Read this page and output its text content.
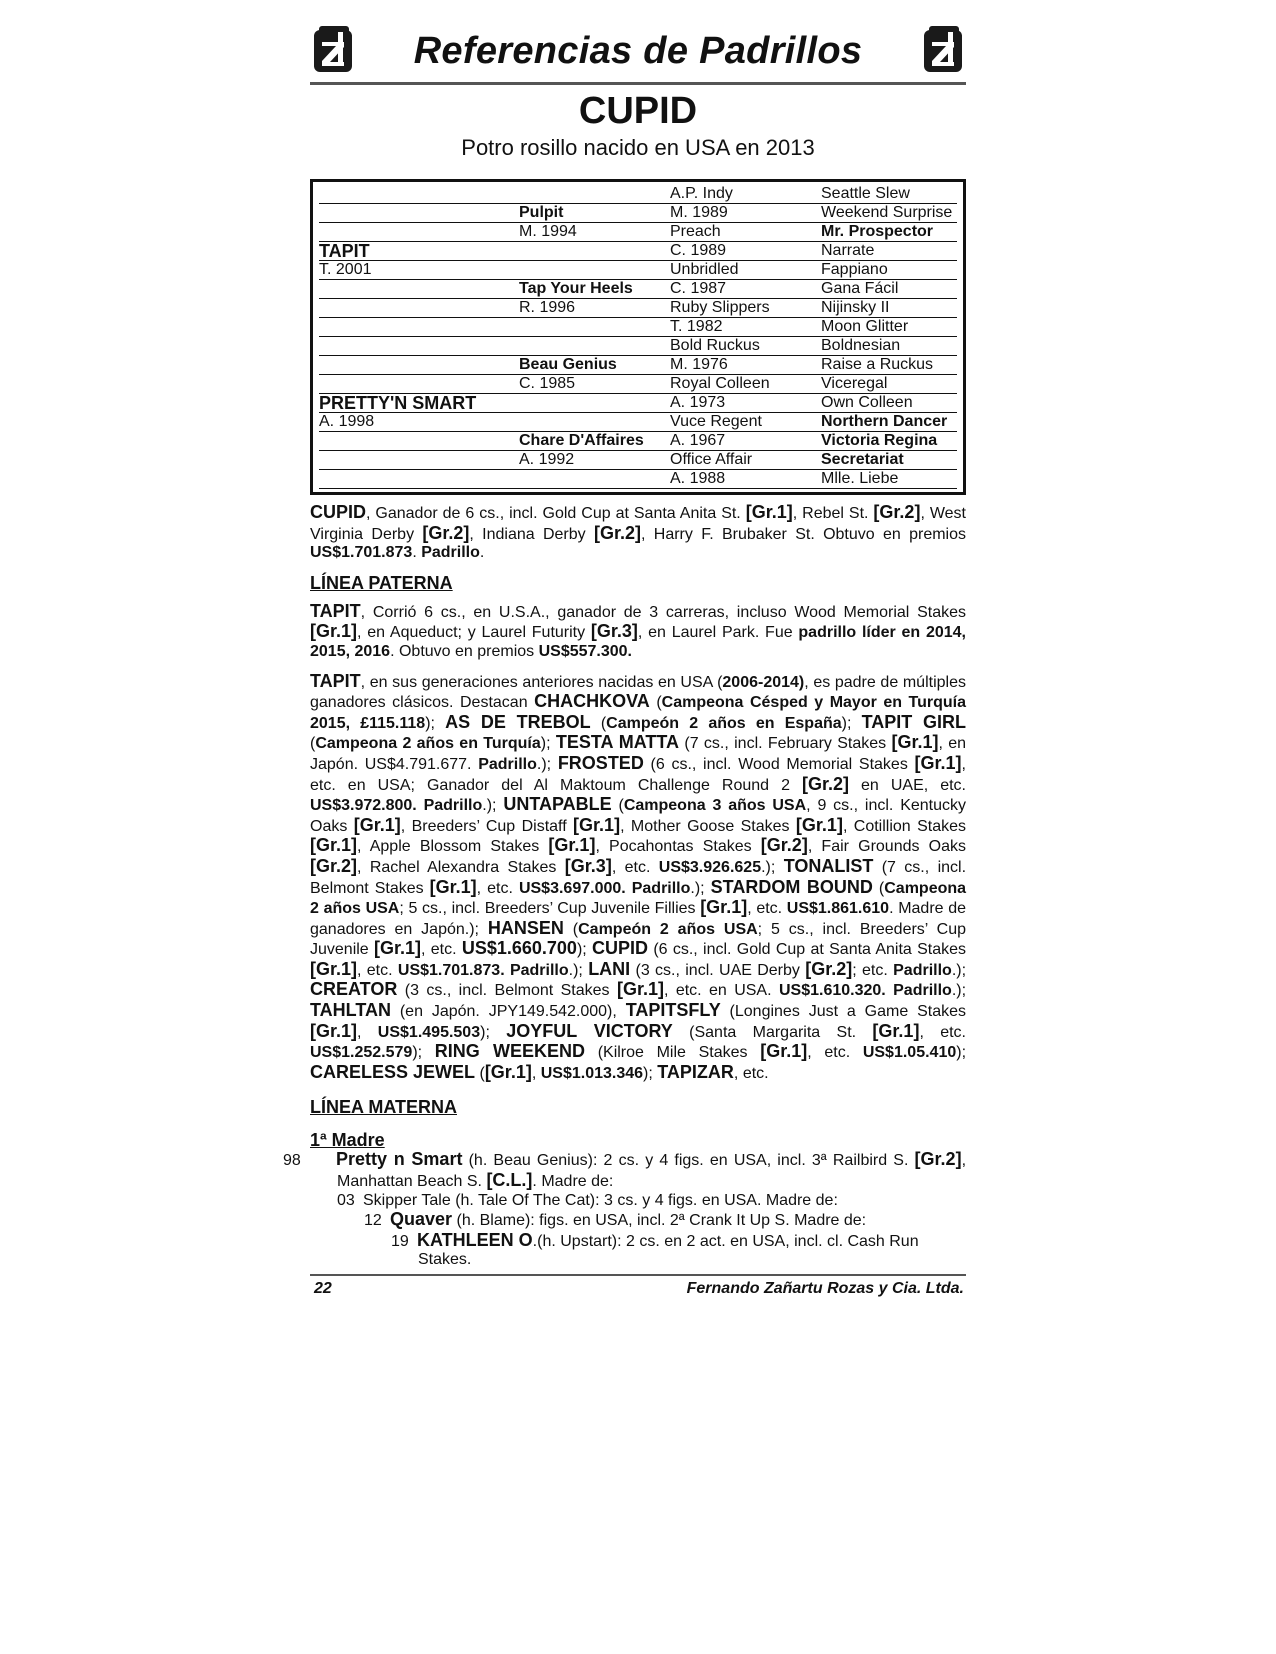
Referencias de Padrillos
CUPID
Potro rosillo nacido en USA en 2013
		A.P. Indy	Seattle Slew
	Pulpit	M. 1989	Weekend Surprise
	M. 1994	Preach	Mr. Prospector
TAPIT		C. 1989	Narrate
T. 2001		Unbridled	Fappiano
	Tap Your Heels	C. 1987	Gana Fácil
	R. 1996	Ruby Slippers	Nijinsky II
		T. 1982	Moon Glitter
		Bold Ruckus	Boldnesian
	Beau Genius	M. 1976	Raise a Ruckus
	C. 1985	Royal Colleen	Viceregal
PRETTY'N SMART		A. 1973	Own Colleen
A. 1998		Vuce Regent	Northern Dancer
	Chare D'Affaires	A. 1967	Victoria Regina
	A. 1992	Office Affair	Secretariat
		A. 1988	Mlle. Liebe

CUPID, Ganador de 6 cs., incl. Gold Cup at Santa Anita St. [Gr.1], Rebel St. [Gr.2], West Virginia Derby [Gr.2], Indiana Derby [Gr.2], Harry F. Brubaker St. Obtuvo en premios US$1.701.873. Padrillo.

LÍNEA PATERNA

TAPIT, Corrió 6 cs., en U.S.A., ganador de 3 carreras, incluso Wood Memorial Stakes [Gr.1], en Aqueduct; y Laurel Futurity [Gr.3], en Laurel Park. Fue padrillo líder en 2014, 2015, 2016. Obtuvo en premios US$557.300.

TAPIT, en sus generaciones anteriores nacidas en USA (2006-2014), es padre de múltiples ganadores clásicos. Destacan CHACHKOVA (Campeona Césped y Mayor en Turquía 2015, £115.118); AS DE TREBOL (Campeón 2 años en España); TAPIT GIRL (Campeona 2 años en Turquía); TESTA MATTA (7 cs., incl. February Stakes [Gr.1], en Japón. US$4.791.677. Padrillo.); FROSTED (6 cs., incl. Wood Memorial Stakes [Gr.1], etc. en USA; Ganador del Al Maktoum Challenge Round 2 [Gr.2] en UAE, etc. US$3.972.800. Padrillo.); UNTAPABLE (Campeona 3 años USA, 9 cs., incl. Kentucky Oaks [Gr.1], Breeders’ Cup Distaff [Gr.1], Mother Goose Stakes [Gr.1], Cotillion Stakes [Gr.1], Apple Blossom Stakes [Gr.1], Pocahontas Stakes [Gr.2], Fair Grounds Oaks [Gr.2], Rachel Alexandra Stakes [Gr.3], etc. US$3.926.625.); TONALIST (7 cs., incl. Belmont Stakes [Gr.1], etc. US$3.697.000. Padrillo.); STARDOM BOUND (Campeona 2 años USA; 5 cs., incl. Breeders’ Cup Juvenile Fillies [Gr.1], etc. US$1.861.610. Madre de ganadores en Japón.); HANSEN (Campeón 2 años USA; 5 cs., incl. Breeders’ Cup Juvenile [Gr.1], etc. US$1.660.700); CUPID (6 cs., incl. Gold Cup at Santa Anita Stakes [Gr.1], etc. US$1.701.873. Padrillo.); LANI (3 cs., incl. UAE Derby [Gr.2]; etc. Padrillo.); CREATOR (3 cs., incl. Belmont Stakes [Gr.1], etc. en USA. US$1.610.320. Padrillo.); TAHLTAN (en Japón. JPY149.542.000), TAPITSFLY (Longines Just a Game Stakes [Gr.1], US$1.495.503); JOYFUL VICTORY (Santa Margarita St. [Gr.1], etc. US$1.252.579); RING WEEKEND (Kilroe Mile Stakes [Gr.1], etc. US$1.05.410); CARELESS JEWEL ([Gr.1], US$1.013.346); TAPIZAR, etc.

LÍNEA MATERNA
1ª Madre
98 Pretty n Smart (h. Beau Genius): 2 cs. y 4 figs. en USA, incl. 3ª Railbird S. [Gr.2], Manhattan Beach S. [C.L.]. Madre de:
03 Skipper Tale (h. Tale Of The Cat): 3 cs. y 4 figs. en USA. Madre de:
12 Quaver (h. Blame): figs. en USA, incl. 2ª Crank It Up S. Madre de:
19 KATHLEEN O.(h. Upstart): 2 cs. en 2 act. en USA, incl. cl. Cash Run
Stakes.
22	Fernando Zañartu Rozas y Cia. Ltda.
